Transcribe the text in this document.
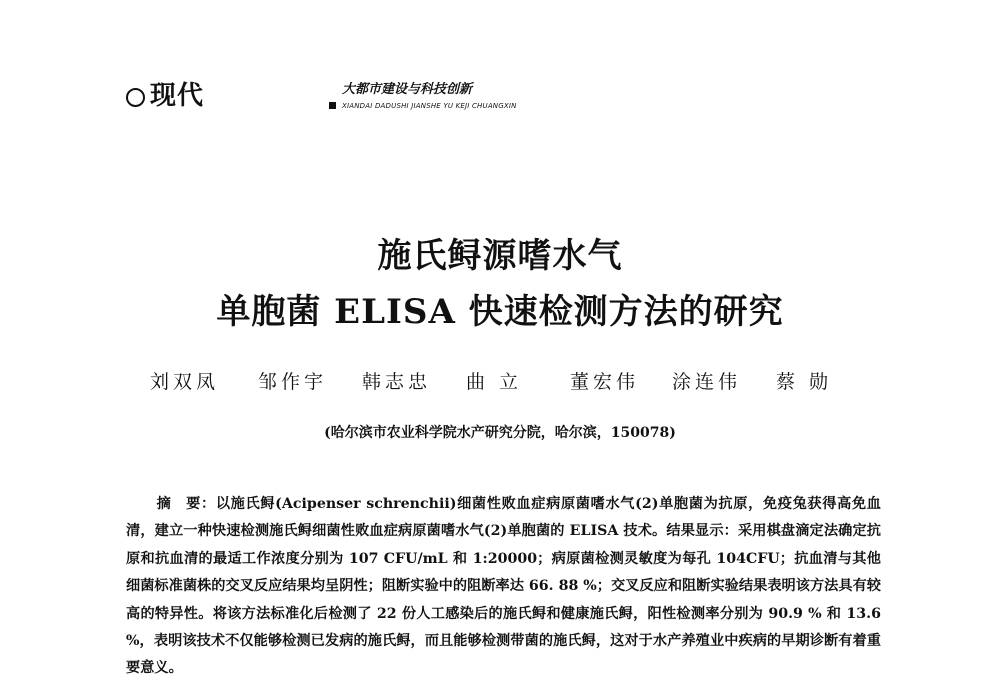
现代	大都市建设与科技创新
XIANDAI DADUSHI JIANSHE YU KEJI CHUANGXIN
施氏鲟源嗜水气
单胞菌 ELISA 快速检测方法的研究
刘双凤 邹作宇 韩志忠 曲 立	董宏伟 涂连伟 蔡 勋
(哈尔滨市农业科学院水产研究分院，哈尔滨，150078)
摘 要：以施氏鲟(Acipenser schrenchii)细菌性败血症病原菌嗜水气(2)单胞菌为抗原，免疫兔获得高免血清，建立一种快速检测施氏鲟细菌性败血症病原菌嗜水气(2)单胞菌的 ELISA 技术。结果显示：采用棋盘滴定法确定抗原和抗血清的最适工作浓度分别为 107 CFU/mL 和 1:20000；病原菌检测灵敏度为每孔 104CFU；抗血清与其他细菌标准菌株的交叉反应结果均呈阴性；阻断实验中的阻断率达 66. 88 %；交叉反应和阻断实验结果表明该方法具有较高的特异性。将该方法标准化后检测了 22 份人工感染后的施氏鲟和健康施氏鲟，阳性检测率分别为 90.9 % 和 13.6 %，表明该技术不仅能够检测已发病的施氏鲟，而且能够检测带菌的施氏鲟，这对于水产养殖业中疾病的早期诊断有着重要意义。
